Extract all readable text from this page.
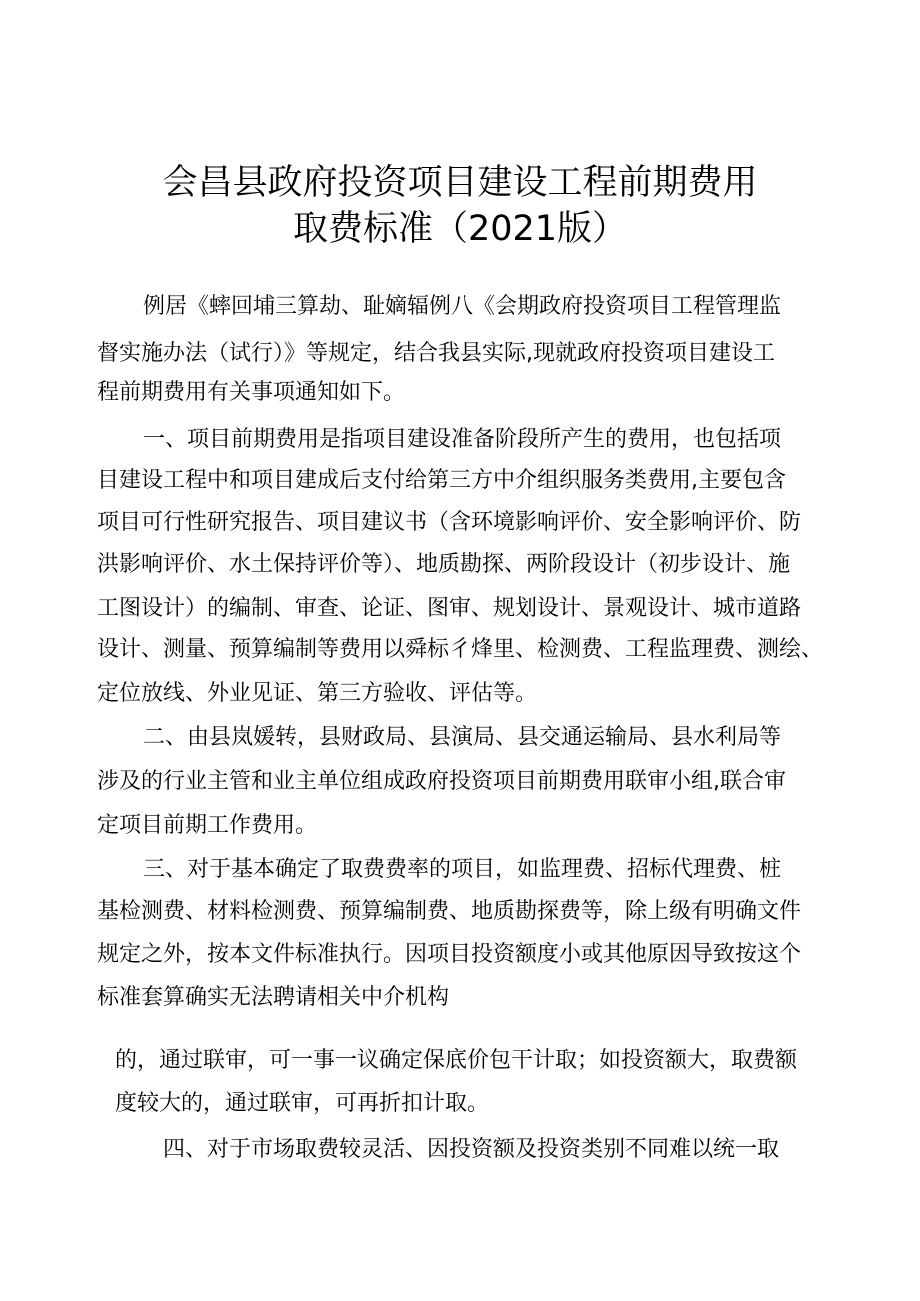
会昌县政府投资项目建设工程前期费用
取费标准（2021版）
例居《蟀回埔三算劫、耻嫡辐例八《会期政府投资项目工程管理监
督实施办法（试行）》等规定，结合我县实际,现就政府投资项目建设工
程前期费用有关事项通知如下。
一、项目前期费用是指项目建设准备阶段所产生的费用，也包括项
目建设工程中和项目建成后支付给第三方中介组织服务类费用,主要包含
项目可行性研究报告、项目建议书（含环境影响评价、安全影响评价、防
洪影响评价、水土保持评价等）、地质勘探、两阶段设计（初步设计、施
工图设计）的编制、审查、论证、图审、规划设计、景观设计、城市道路
设计、测量、预算编制等费用以舜标彳烽里、检测费、工程监理费、测绘、
定位放线、外业见证、第三方验收、评估等。
二、由县岚媛转，县财政局、县演局、县交通运输局、县水利局等
涉及的行业主管和业主单位组成政府投资项目前期费用联审小组,联合审
定项目前期工作费用。
三、对于基本确定了取费费率的项目，如监理费、招标代理费、桩
基检测费、材料检测费、预算编制费、地质勘探费等，除上级有明确文件
规定之外，按本文件标准执行。因项目投资额度小或其他原因导致按这个
标准套算确实无法聘请相关中介机构
的，通过联审，可一事一议确定保底价包干计取；如投资额大，取费额
度较大的，通过联审，可再折扣计取。
四、对于市场取费较灵活、因投资额及投资类别不同难以统一取
